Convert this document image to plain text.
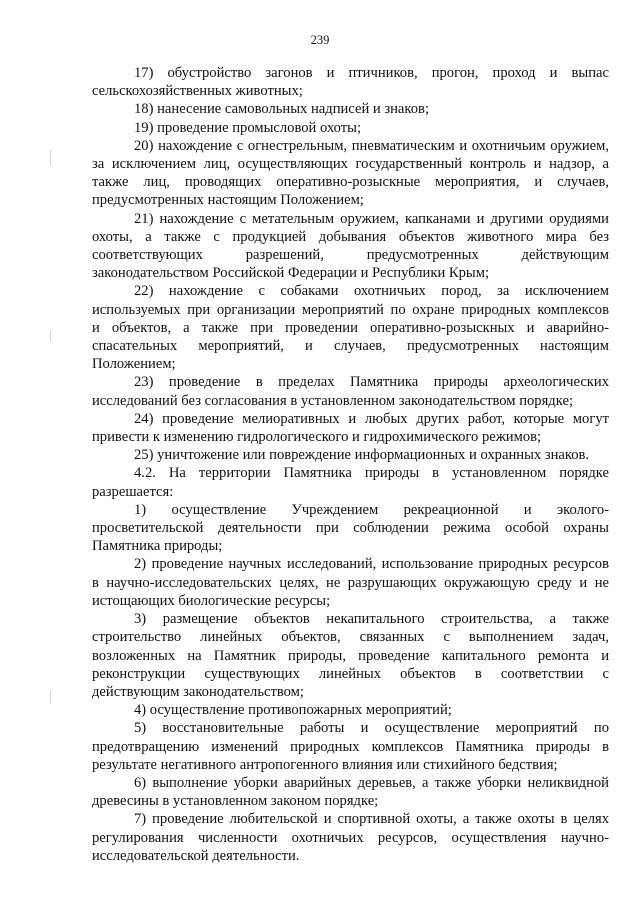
239
17) обустройство загонов и птичников, прогон, проход и выпас
сельскохозяйственных животных;
18) нанесение самовольных надписей и знаков;
19) проведение промысловой охоты;
20) нахождение с огнестрельным, пневматическим и охотничьим оружием,
за исключением лиц, осуществляющих государственный контроль и надзор, а
также лиц, проводящих оперативно-розыскные мероприятия, и случаев,
предусмотренных настоящим Положением;
21) нахождение с метательным оружием, капканами и другими орудиями
охоты, а также с продукцией добывания объектов животного мира без
соответствующих разрешений, предусмотренных действующим
законодательством Российской Федерации и Республики Крым;
22) нахождение с собаками охотничьих пород, за исключением
используемых при организации мероприятий по охране природных комплексов
и объектов, а также при проведении оперативно-розыскных и аварийно-
спасательных мероприятий, и случаев, предусмотренных настоящим
Положением;
23) проведение в пределах Памятника природы археологических
исследований без согласования в установленном законодательством порядке;
24) проведение мелиоративных и любых других работ, которые могут
привести к изменению гидрологического и гидрохимического режимов;
25) уничтожение или повреждение информационных и охранных знаков.
4.2. На территории Памятника природы в установленном порядке
разрешается:
1) осуществление Учреждением рекреационной и эколого-
просветительской деятельности при соблюдении режима особой охраны
Памятника природы;
2) проведение научных исследований, использование природных ресурсов
в научно-исследовательских целях, не разрушающих окружающую среду и не
истощающих биологические ресурсы;
3) размещение объектов некапитального строительства, а также
строительство линейных объектов, связанных с выполнением задач,
возложенных на Памятник природы, проведение капитального ремонта и
реконструкции существующих линейных объектов в соответствии с
действующим законодательством;
4) осуществление противопожарных мероприятий;
5) восстановительные работы и осуществление мероприятий по
предотвращению изменений природных комплексов Памятника природы в
результате негативного антропогенного влияния или стихийного бедствия;
6) выполнение уборки аварийных деревьев, а также уборки неликвидной
древесины в установленном законом порядке;
7) проведение любительской и спортивной охоты, а также охоты в целях
регулирования численности охотничьих ресурсов, осуществления научно-
исследовательской деятельности.
